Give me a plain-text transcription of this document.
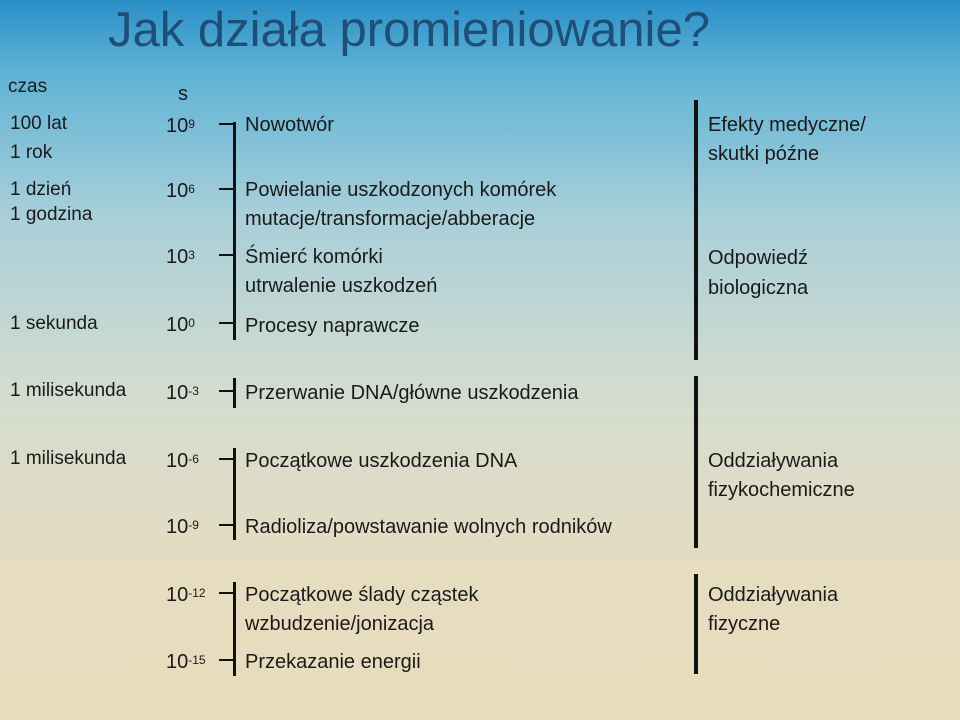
Jak działa promieniowanie?
czas
100 lat
1 rok
1 dzień
1 godzina
1 sekunda
1 milisekunda
1 milisekunda
s
$10^9$
$10^6$
$10^3$
$10^0$
$10^{-3}$
$10^{-6}$
$10^{-9}$
$10^{-12}$
$10^{-15}$
Nowotwór
Powielanie uszkodzonych komórek
mutacje/transformacje/abberacje
Śmierć komórki
utrwalenie uszkodzeń
Procesy naprawcze
Przerwanie DNA/główne uszkodzenia
Początkowe uszkodzenia DNA
Radioliza/powstawanie wolnych rodników
Początkowe ślady cząstek
wzbudzenie/jonizacja
Przekazanie energii
Efekty medyczne/
skutki późne
Odpowiedź
biologiczna
Oddziaływania
fizykochemiczne
Oddziaływania
fizyczne
